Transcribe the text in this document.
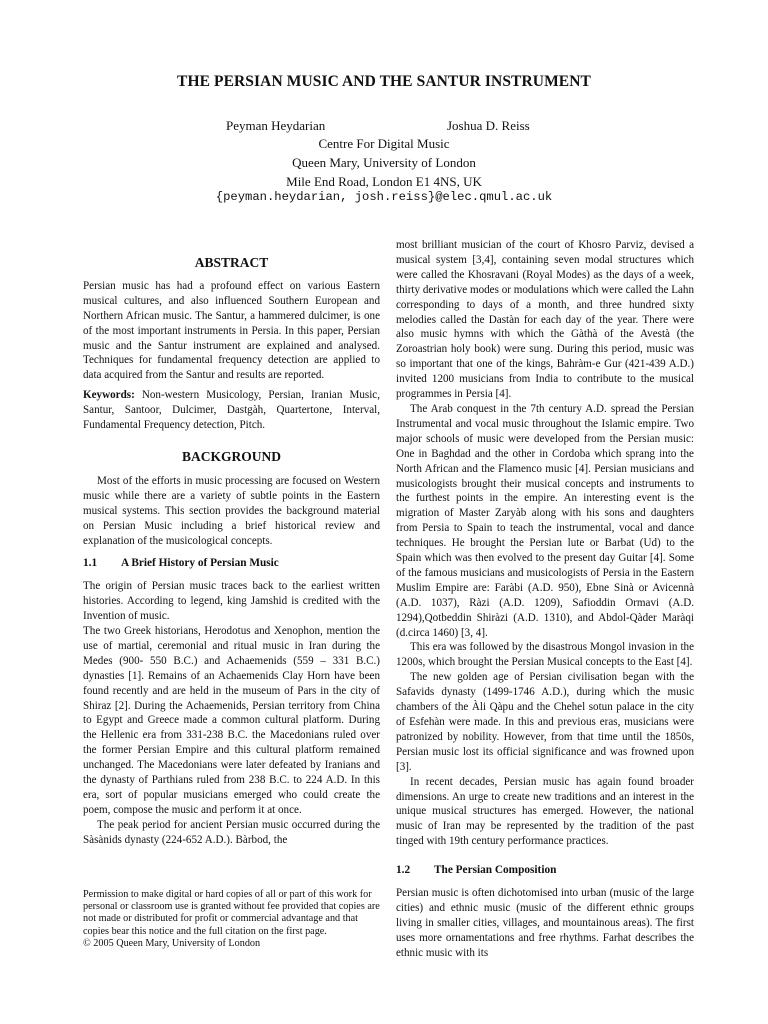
THE PERSIAN MUSIC AND THE SANTUR INSTRUMENT
Peyman Heydarian	Joshua D. Reiss
Centre For Digital Music
Queen Mary, University of London
Mile End Road, London E1 4NS, UK
{peyman.heydarian, josh.reiss}@elec.qmul.ac.uk

ABSTRACT

Persian music has had a profound effect on various Eastern musical cultures, and also influenced Southern European and Northern African music. The Santur, a hammered dulcimer, is one of the most important instruments in Persia. In this paper, Persian music and the Santur instrument are explained and analysed. Techniques for fundamental frequency detection are applied to data acquired from the Santur and results are reported.

Keywords: Non-western Musicology, Persian, Iranian Music, Santur, Santoor, Dulcimer, Dastgàh, Quartertone, Interval, Fundamental Frequency detection, Pitch.

BACKGROUND

Most of the efforts in music processing are focused on Western music while there are a variety of subtle points in the Eastern musical systems. This section provides the background material on Persian Music including a brief historical review and explanation of the musicological concepts.

1.1 A Brief History of Persian Music

The origin of Persian music traces back to the earliest written histories. According to legend, king Jamshid is credited with the Invention of music.

The two Greek historians, Herodotus and Xenophon, mention the use of martial, ceremonial and ritual music in Iran during the Medes (900- 550 B.C.) and Achaemenids (559 – 331 B.C.) dynasties [1]. Remains of an Achaemenids Clay Horn have been found recently and are held in the museum of Pars in the city of Shiraz [2]. During the Achaemenids, Persian territory from China to Egypt and Greece made a common cultural platform. During the Hellenic era from 331-238 B.C. the Macedonians ruled over the former Persian Empire and this cultural platform remained unchanged. The Macedonians were later defeated by Iranians and the dynasty of Parthians ruled from 238 B.C. to 224 A.D. In this era, sort of popular musicians emerged who could create the poem, compose the music and perform it at once.

The peak period for ancient Persian music occurred during the Sàsànids dynasty (224-652 A.D.). Bàrbod, the

Permission to make digital or hard copies of all or part of this work for personal or classroom use is granted without fee provided that copies are not made or distributed for profit or commercial advantage and that copies bear this notice and the full citation on the first page.

© 2005 Queen Mary, University of London

most brilliant musician of the court of Khosro Parviz, devised a musical system [3,4], containing seven modal structures which were called the Khosravani (Royal Modes) as the days of a week, thirty derivative modes or modulations which were called the Lahn corresponding to days of a month, and three hundred sixty melodies called the Dastàn for each day of the year. There were also music hymns with which the Gàthà of the Avestà (the Zoroastrian holy book) were sung. During this period, music was so important that one of the kings, Bahràm-e Gur (421-439 A.D.) invited 1200 musicians from India to contribute to the musical programmes in Persia [4].

The Arab conquest in the 7th century A.D. spread the Persian Instrumental and vocal music throughout the Islamic empire. Two major schools of music were developed from the Persian music: One in Baghdad and the other in Cordoba which sprang into the North African and the Flamenco music [4]. Persian musicians and musicologists brought their musical concepts and instruments to the furthest points in the empire. An interesting event is the migration of Master Zaryàb along with his sons and daughters from Persia to Spain to teach the instrumental, vocal and dance techniques. He brought the Persian lute or Barbat (Ud) to the Spain which was then evolved to the present day Guitar [4]. Some of the famous musicians and musicologists of Persia in the Eastern Muslim Empire are: Faràbi (A.D. 950), Ebne Sinà or Avicennà (A.D. 1037), Ràzi (A.D. 1209), Safioddin Ormavi (A.D. 1294),Qotbeddin Shiràzi (A.D. 1310), and Abdol-Qàder Maràqi (d.circa 1460) [3, 4].

This era was followed by the disastrous Mongol invasion in the 1200s, which brought the Persian Musical concepts to the East [4].

The new golden age of Persian civilisation began with the Safavids dynasty (1499-1746 A.D.), during which the music chambers of the Àli Qàpu and the Chehel sotun palace in the city of Esfehàn were made. In this and previous eras, musicians were patronized by nobility. However, from that time until the 1850s, Persian music lost its official significance and was frowned upon [3].

In recent decades, Persian music has again found broader dimensions. An urge to create new traditions and an interest in the unique musical structures has emerged. However, the national music of Iran may be represented by the tradition of the past tinged with 19th century performance practices.

1.2 The Persian Composition

Persian music is often dichotomised into urban (music of the large cities) and ethnic music (music of the different ethnic groups living in smaller cities, villages, and mountainous areas). The first uses more ornamentations and free rhythms. Farhat describes the ethnic music with its
